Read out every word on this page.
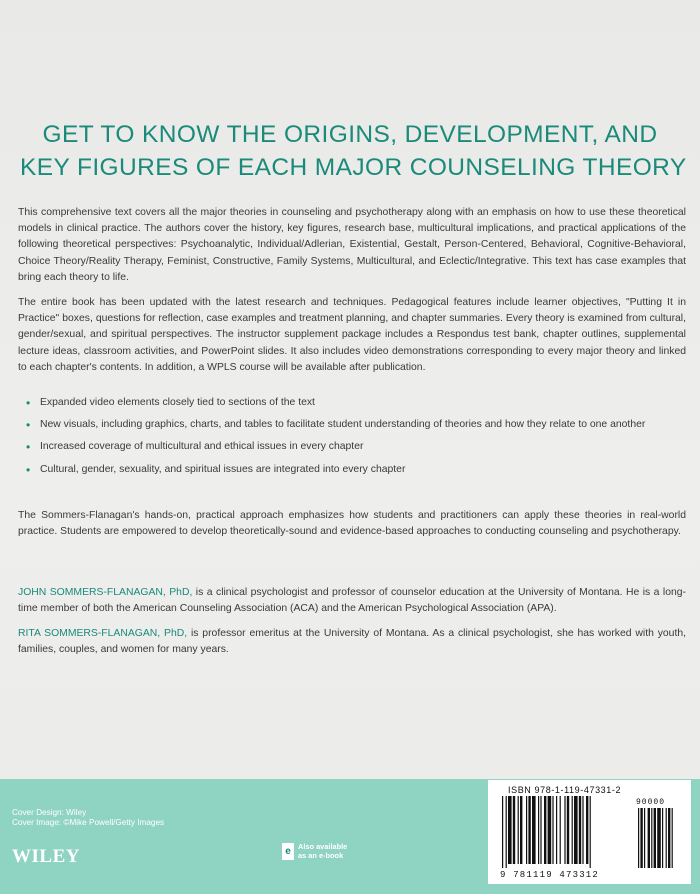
GET TO KNOW THE ORIGINS, DEVELOPMENT, AND
KEY FIGURES OF EACH MAJOR COUNSELING THEORY
This comprehensive text covers all the major theories in counseling and psychotherapy along with an emphasis on how to use these theoretical models in clinical practice. The authors cover the history, key figures, research base, multicultural implications, and practical applications of the following theoretical perspectives: Psychoanalytic, Individual/Adlerian, Existential, Gestalt, Person-Centered, Behavioral, Cognitive-Behavioral, Choice Theory/Reality Therapy, Feminist, Constructive, Family Systems, Multicultural, and Eclectic/Integrative. This text has case examples that bring each theory to life.
The entire book has been updated with the latest research and techniques. Pedagogical features include learner objectives, "Putting It in Practice" boxes, questions for reflection, case examples and treatment planning, and chapter summaries. Every theory is examined from cultural, gender/sexual, and spiritual perspectives. The instructor supplement package includes a Respondus test bank, chapter outlines, supplemental lecture ideas, classroom activities, and PowerPoint slides. It also includes video demonstrations corresponding to every major theory and linked to each chapter's contents. In addition, a WPLS course will be available after publication.
• Expanded video elements closely tied to sections of the text
• New visuals, including graphics, charts, and tables to facilitate student understanding of theories and how they relate to one another
• Increased coverage of multicultural and ethical issues in every chapter
• Cultural, gender, sexuality, and spiritual issues are integrated into every chapter
The Sommers-Flanagan's hands-on, practical approach emphasizes how students and practitioners can apply these theories in real-world practice. Students are empowered to develop theoretically-sound and evidence-based approaches to conducting counseling and psychotherapy.
JOHN SOMMERS-FLANAGAN, PhD, is a clinical psychologist and professor of counselor education at the University of Montana. He is a long-time member of both the American Counseling Association (ACA) and the American Psychological Association (APA).
RITA SOMMERS-FLANAGAN, PhD, is professor emeritus at the University of Montana. As a clinical psychologist, she has worked with youth, families, couples, and women for many years.
Cover Design: Wiley
Cover Image: ©Mike Powell/Getty Images
WILEY	e Also available
as an e-book
ISBN 978-1-119-47331-2
9 781119 473312
90000
